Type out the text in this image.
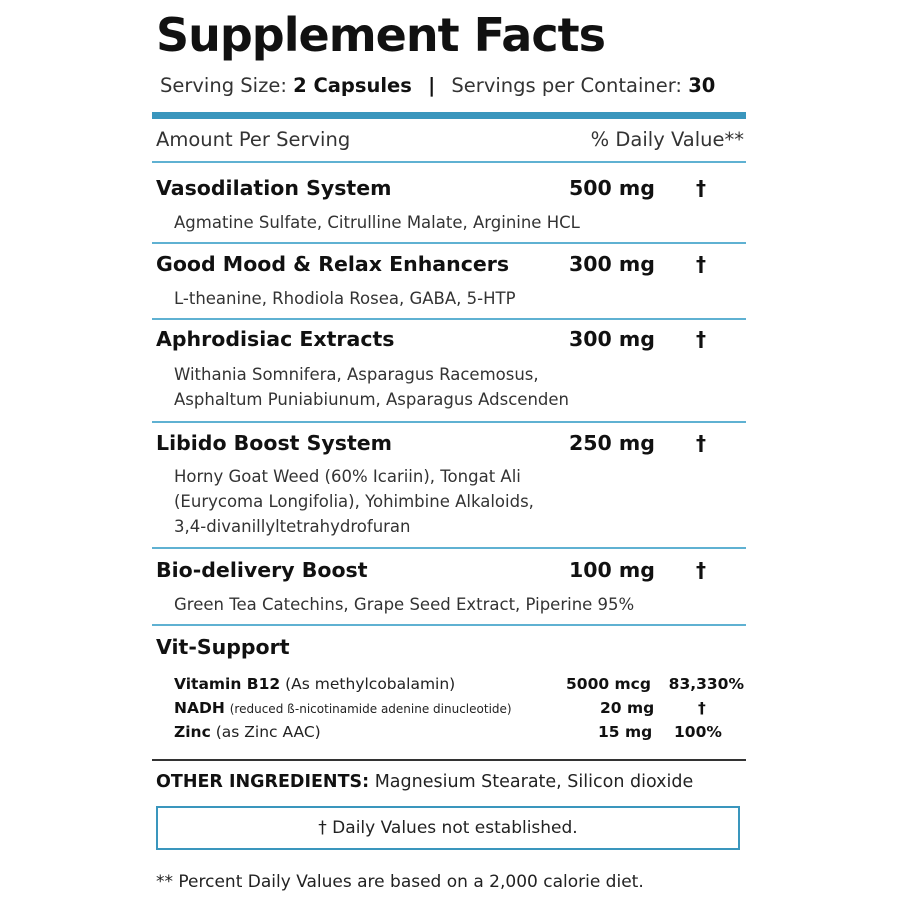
Supplement Facts
Serving Size: 2 Capsules | Servings per Container: 30
Amount Per Serving	% Daily Value**
Vasodilation System	500 mg †
Agmatine Sulfate, Citrulline Malate, Arginine HCL
Good Mood & Relax Enhancers	300 mg †
L-theanine, Rhodiola Rosea, GABA, 5-HTP
Aphrodisiac Extracts	300 mg †
Withania Somnifera, Asparagus Racemosus,
Asphaltum Puniabiunum, Asparagus Adscenden
Libido Boost System	250 mg †
Horny Goat Weed (60% Icariin), Tongat Ali
(Eurycoma Longifolia), Yohimbine Alkaloids,
3,4-divanillyltetrahydrofuran
Bio-delivery Boost	100 mg †
Green Tea Catechins, Grape Seed Extract, Piperine 95%
Vit-Support
Vitamin B12 (As methylcobalamin)	5000 mcg 83,330%
NADH (reduced ß-nicotinamide adenine dinucleotide)	20 mg	†
Zinc (as Zinc AAC)	15 mg 100%
OTHER INGREDIENTS: Magnesium Stearate, Silicon dioxide
† Daily Values not established.
** Percent Daily Values are based on a 2,000 calorie diet.
